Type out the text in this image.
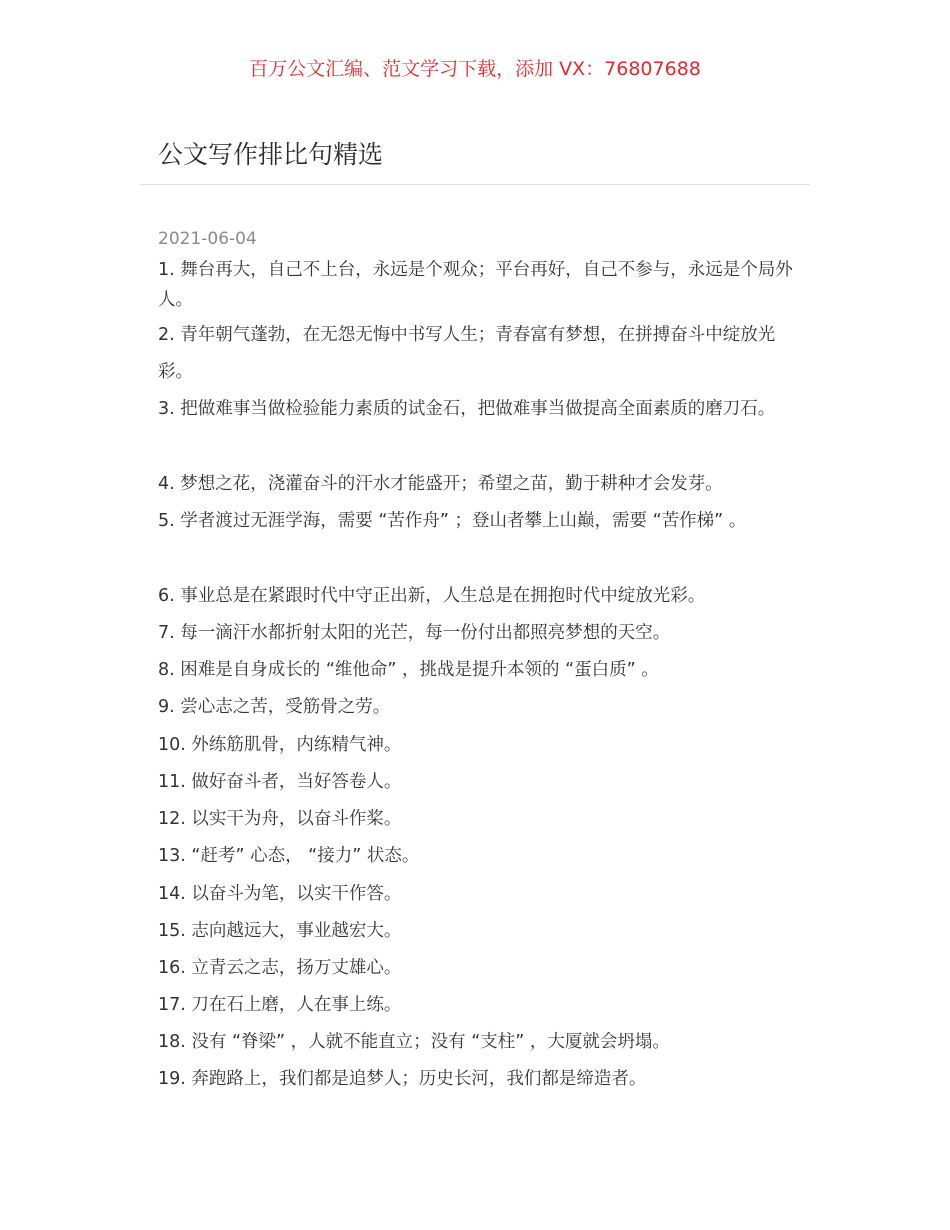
百万公文汇编、范文学习下载，添加 VX：76807688
公文写作排比句精选
2021-06-04
1. 舞台再大，自己不上台，永远是个观众；平台再好，自己不参与，永远是个局外人。
2. 青年朝气蓬勃，在无怨无悔中书写人生；青春富有梦想，在拼搏奋斗中绽放光彩。
3. 把做难事当做检验能力素质的试金石，把做难事当做提高全面素质的磨刀石。
4. 梦想之花，浇灌奋斗的汗水才能盛开；希望之苗，勤于耕种才会发芽。
5. 学者渡过无涯学海，需要 “苦作舟” ；登山者攀上山巅，需要 “苦作梯” 。
6. 事业总是在紧跟时代中守正出新，人生总是在拥抱时代中绽放光彩。
7. 每一滴汗水都折射太阳的光芒，每一份付出都照亮梦想的天空。
8. 困难是自身成长的 “维他命” ，挑战是提升本领的 “蛋白质” 。
9. 尝心志之苦，受筋骨之劳。
10. 外练筋肌骨，内练精气神。
11. 做好奋斗者，当好答卷人。
12. 以实干为舟，以奋斗作桨。
13. “赶考” 心态， “接力” 状态。
14. 以奋斗为笔，以实干作答。
15. 志向越远大，事业越宏大。
16. 立青云之志，扬万丈雄心。
17. 刀在石上磨，人在事上练。
18. 没有 “脊梁” ，人就不能直立；没有 “支柱” ，大厦就会坍塌。
19. 奔跑路上，我们都是追梦人；历史长河，我们都是缔造者。
